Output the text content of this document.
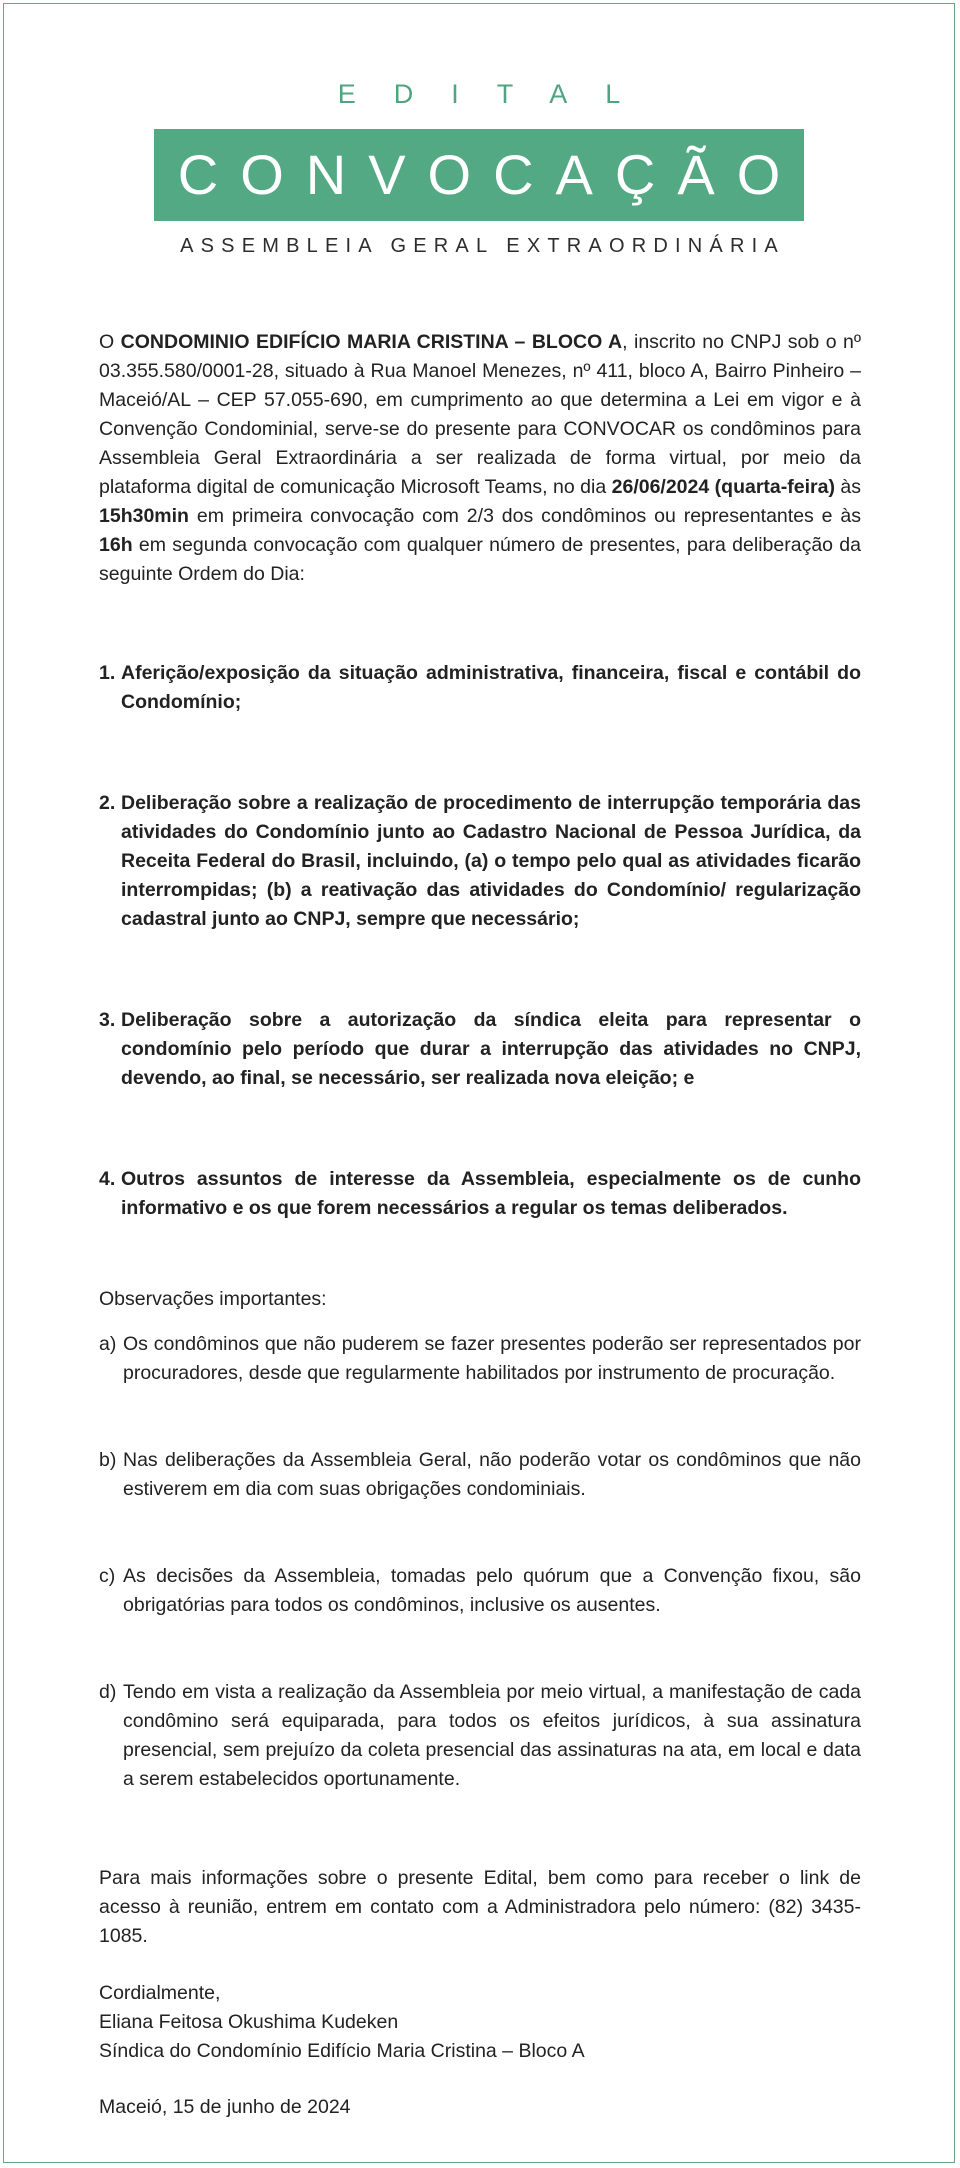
EDITAL
CONVOCAÇÃO
ASSEMBLEIA GERAL EXTRAORDINÁRIA

O CONDOMINIO EDIFÍCIO MARIA CRISTINA – BLOCO A, inscrito no CNPJ sob o nº 03.355.580/0001-28, situado à Rua Manoel Menezes, nº 411, bloco A, Bairro Pinheiro – Maceió/AL – CEP 57.055-690, em cumprimento ao que determina a Lei em vigor e à Convenção Condominial, serve-se do presente para CONVOCAR os condôminos para Assembleia Geral Extraordinária a ser realizada de forma virtual, por meio da plataforma digital de comunicação Microsoft Teams, no dia 26/06/2024 (quarta-feira) às 15h30min em primeira convocação com 2/3 dos condôminos ou representantes e às 16h em segunda convocação com qualquer número de presentes, para deliberação da seguinte Ordem do Dia:

1. Aferição/exposição da situação administrativa, financeira, fiscal e contábil do Condomínio;
2. Deliberação sobre a realização de procedimento de interrupção temporária das atividades do Condomínio junto ao Cadastro Nacional de Pessoa Jurídica, da Receita Federal do Brasil, incluindo, (a) o tempo pelo qual as atividades ficarão interrompidas; (b) a reativação das atividades do Condomínio/ regularização cadastral junto ao CNPJ, sempre que necessário;
3. Deliberação sobre a autorização da síndica eleita para representar o condomínio pelo período que durar a interrupção das atividades no CNPJ, devendo, ao final, se necessário, ser realizada nova eleição; e
4. Outros assuntos de interesse da Assembleia, especialmente os de cunho informativo e os que forem necessários a regular os temas deliberados.

Observações importantes:

a) Os condôminos que não puderem se fazer presentes poderão ser representados por procuradores, desde que regularmente habilitados por instrumento de procuração.
b) Nas deliberações da Assembleia Geral, não poderão votar os condôminos que não estiverem em dia com suas obrigações condominiais.
c) As decisões da Assembleia, tomadas pelo quórum que a Convenção fixou, são obrigatórias para todos os condôminos, inclusive os ausentes.
d) Tendo em vista a realização da Assembleia por meio virtual, a manifestação de cada condômino será equiparada, para todos os efeitos jurídicos, à sua assinatura presencial, sem prejuízo da coleta presencial das assinaturas na ata, em local e data a serem estabelecidos oportunamente.

Para mais informações sobre o presente Edital, bem como para receber o link de acesso à reunião, entrem em contato com a Administradora pelo número: (82) 3435-1085.

Cordialmente,
Eliana Feitosa Okushima Kudeken
Síndica do Condomínio Edifício Maria Cristina – Bloco A

Maceió, 15 de junho de 2024
